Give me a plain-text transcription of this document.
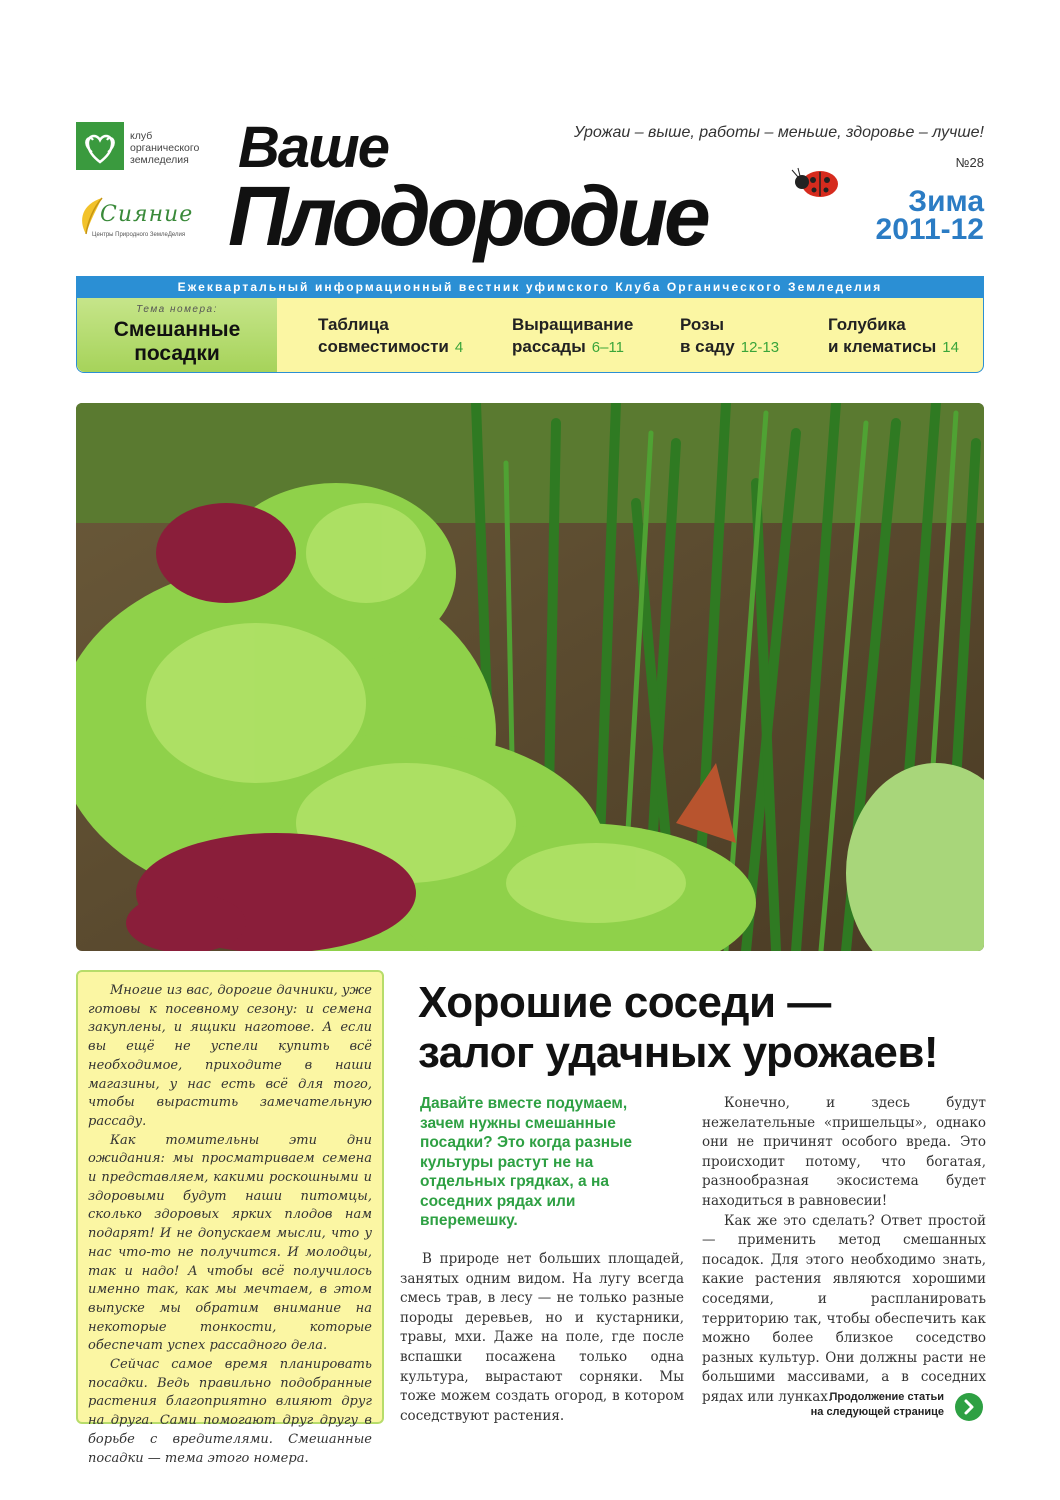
клуб органического земледелия
Сияние
Центры Природного ЗемлеДелия
Ваше
Плодородие
Урожаи – выше, работы – меньше, здоровье – лучше!
№28
Зима
2011-12
Ежеквартальный информационный вестник уфимского Клуба Органического Земледелия
Тема номера:
Смешанные
посадки
Таблица
совместимости 4
Выращивание
рассады 6–11
Розы
в саду 12-13
Голубика
и клематисы 14

Многие из вас, дорогие дачники, уже готовы к посевному сезону: и семена закуплены, и ящики наготове. А если вы ещё не успели купить всё необходимое, приходите в наши магазины, у нас есть всё для того, чтобы вырастить замечательную рассаду.

Как томительны эти дни ожидания: мы просматриваем семена и представляем, какими роскошными и здоровыми будут наши питомцы, сколько здоровых ярких плодов нам подарят! И не допускаем мысли, что у нас что-то не получится. И молодцы, так и надо! А чтобы всё получилось именно так, как мы мечтаем, в этом выпуске мы обратим внимание на некоторые тонкости, которые обеспечат успех рассадного дела.

Сейчас самое время планировать посадки. Ведь правильно подобранные растения благоприятно влияют друг на друга. Сами помогают друг другу в борьбе с вредителями. Смешанные посадки — тема этого номера.

Хорошие соседи —
залог удачных урожаев!
Давайте вместе подумаем, зачем нужны смешанные посадки? Это когда разные культуры растут не на отдельных грядках, а на соседних рядах или вперемешку.

В природе нет больших площадей, занятых одним видом. На лугу всегда смесь трав, в лесу — не только разные породы деревьев, но и кустарники, травы, мхи. Даже на поле, где после вспашки посажена только одна культура, вырастают сорняки. Мы тоже можем создать огород, в котором соседствуют растения.

Конечно, и здесь будут нежелательные «пришельцы», однако они не причинят особого вреда. Это происходит потому, что богатая, разнообразная экосистема будет находиться в равновесии!

Как же это сделать? Ответ простой — применить метод смешанных посадок. Для этого необходимо знать, какие растения являются хорошими соседями, и распланировать территорию так, чтобы обеспечить как можно более близкое соседство разных культур. Они должны расти не большими массивами, а в соседних рядах или лунках.

Продолжение статьи
на следующей странице
